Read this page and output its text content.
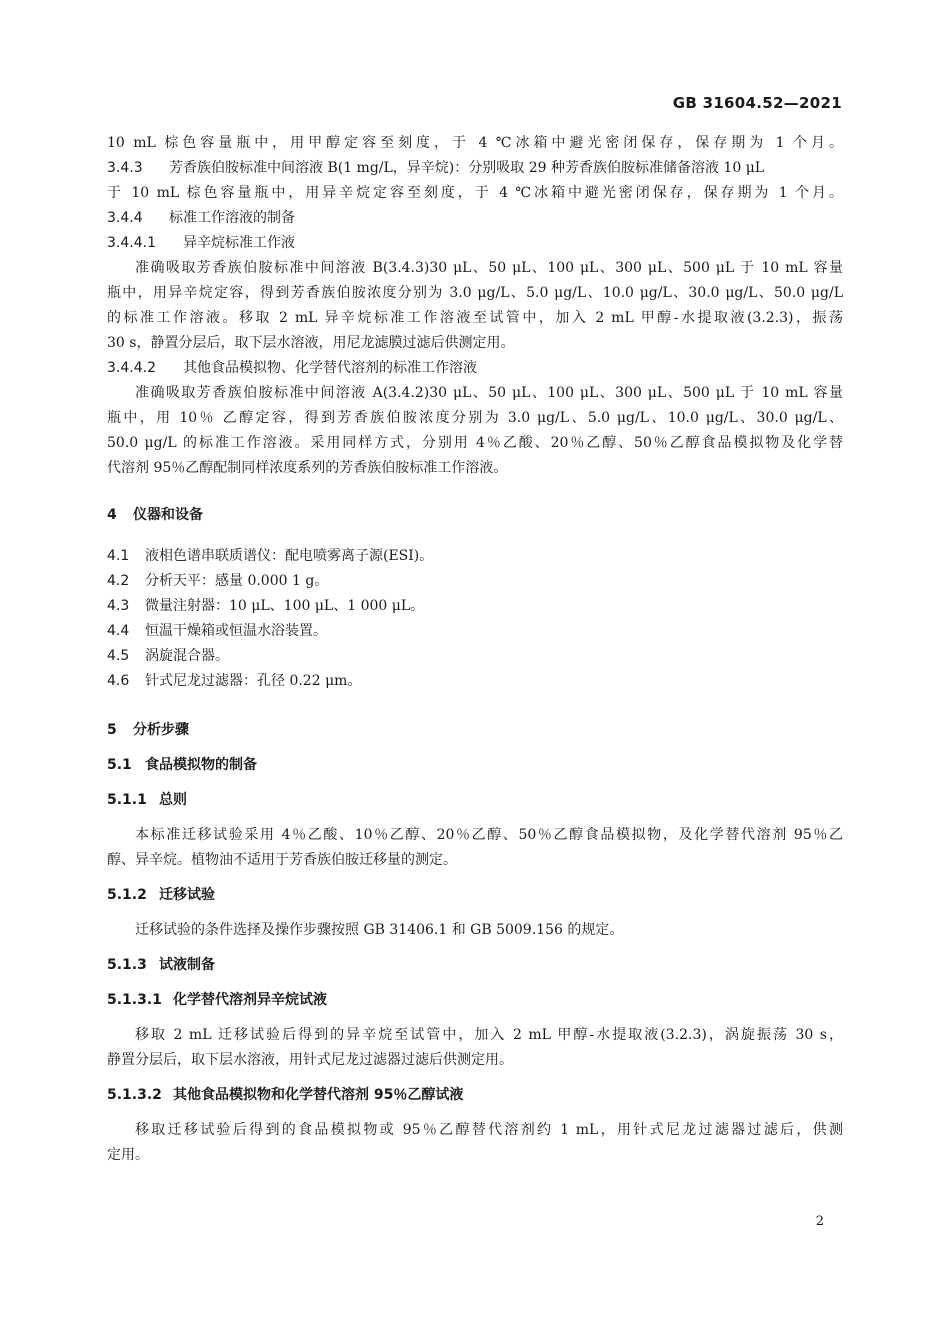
GB 31604.52—2021
10 mL 棕色容量瓶中，用甲醇定容至刻度，于 4 ℃冰箱中避光密闭保存，保存期为 1 个月。
3.4.3 芳香族伯胺标准中间溶液 B(1 mg/L，异辛烷)：分别吸取 29 种芳香族伯胺标准储备溶液 10 μL
于 10 mL 棕色容量瓶中，用异辛烷定容至刻度，于 4 ℃冰箱中避光密闭保存，保存期为 1 个月。
3.4.4 标准工作溶液的制备
3.4.4.1 异辛烷标准工作液
准确吸取芳香族伯胺标准中间溶液 B(3.4.3)30 μL、50 μL、100 μL、300 μL、500 μL 于 10 mL 容量
瓶中，用异辛烷定容，得到芳香族伯胺浓度分别为 3.0 μg/L、5.0 μg/L、10.0 μg/L、30.0 μg/L、50.0 μg/L
的标准工作溶液。移取 2 mL 异辛烷标准工作溶液至试管中，加入 2 mL 甲醇-水提取液(3.2.3)，振荡
30 s，静置分层后，取下层水溶液，用尼龙滤膜过滤后供测定用。
3.4.4.2 其他食品模拟物、化学替代溶剂的标准工作溶液
准确吸取芳香族伯胺标准中间溶液 A(3.4.2)30 μL、50 μL、100 μL、300 μL、500 μL 于 10 mL 容量
瓶中，用 10％ 乙醇定容，得到芳香族伯胺浓度分别为 3.0 μg/L、5.0 μg/L、10.0 μg/L、30.0 μg/L、
50.0 μg/L 的标准工作溶液。采用同样方式，分别用 4％乙酸、20％乙醇、50％乙醇食品模拟物及化学替
代溶剂 95％乙醇配制同样浓度系列的芳香族伯胺标准工作溶液。
4 仪器和设备
4.1 液相色谱串联质谱仪：配电喷雾离子源(ESI)。
4.2 分析天平：感量 0.000 1 g。
4.3 微量注射器：10 μL、100 μL、1 000 μL。
4.4 恒温干燥箱或恒温水浴装置。
4.5 涡旋混合器。
4.6 针式尼龙过滤器：孔径 0.22 μm。
5 分析步骤
5.1 食品模拟物的制备
5.1.1 总则
本标准迁移试验采用 4％乙酸、10％乙醇、20％乙醇、50％乙醇食品模拟物，及化学替代溶剂 95％乙
醇、异辛烷。植物油不适用于芳香族伯胺迁移量的测定。
5.1.2 迁移试验
迁移试验的条件选择及操作步骤按照 GB 31406.1 和 GB 5009.156 的规定。
5.1.3 试液制备
5.1.3.1 化学替代溶剂异辛烷试液
移取 2 mL 迁移试验后得到的异辛烷至试管中，加入 2 mL 甲醇-水提取液(3.2.3)，涡旋振荡 30 s，
静置分层后，取下层水溶液，用针式尼龙过滤器过滤后供测定用。
5.1.3.2 其他食品模拟物和化学替代溶剂 95％乙醇试液
移取迁移试验后得到的食品模拟物或 95％乙醇替代溶剂约 1 mL，用针式尼龙过滤器过滤后，供测
定用。
2
